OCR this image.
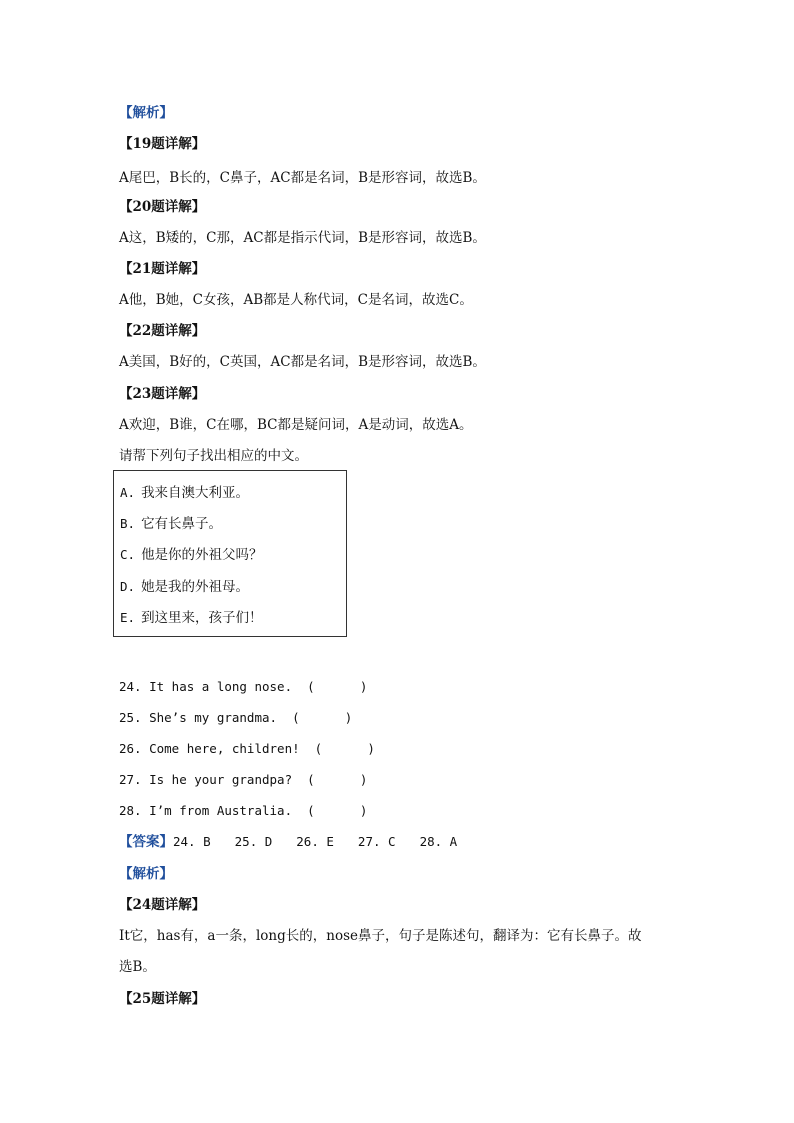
【解析】
【19题详解】
A尾巴，B长的，C鼻子，AC都是名词，B是形容词，故选B。
【20题详解】
A这，B矮的，C那，AC都是指示代词，B是形容词，故选B。
【21题详解】
A他，B她，C女孩，AB都是人称代词，C是名词，故选C。
【22题详解】
A美国，B好的，C英国，AC都是名词，B是形容词，故选B。
【23题详解】
A欢迎，B谁，C在哪，BC都是疑问词，A是动词，故选A。
请帮下列句子找出相应的中文。
A. 我来自澳大利亚。
B. 它有长鼻子。
C. 他是你的外祖父吗？
D. 她是我的外祖母。
E. 到这里来，孩子们！
24. It has a long nose.  (      )
25. She’s my grandma.  (      )
26. Come here, children!  (      )
27. Is he your grandpa?  (      )
28. I’m from Australia.  (      )
【答案】24. B 25. D 26. E 27. C 28. A
【解析】
【24题详解】
It它，has有，a一条，long长的，nose鼻子，句子是陈述句，翻译为：它有长鼻子。故
选B。
【25题详解】
